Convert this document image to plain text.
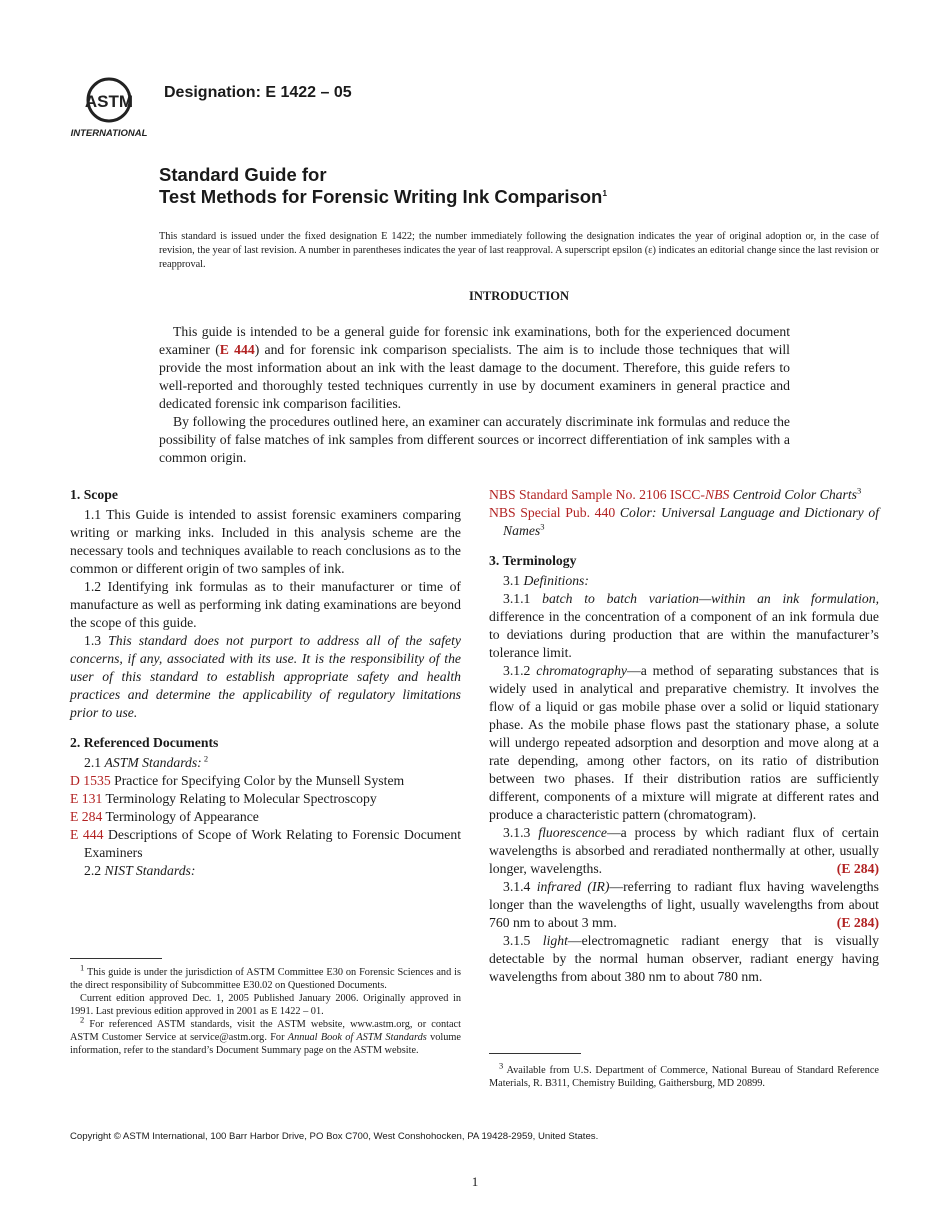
ASTM
INTERNATIONAL
Designation: E 1422 – 05
Standard Guide for
Test Methods for Forensic Writing Ink Comparison$^1$
This standard is issued under the fixed designation E 1422; the number immediately following the designation indicates the year of original adoption or, in the case of revision, the year of last revision. A number in parentheses indicates the year of last reapproval. A superscript epsilon (ε) indicates an editorial change since the last revision or reapproval.
INTRODUCTION

This guide is intended to be a general guide for forensic ink examinations, both for the experienced document examiner (E 444) and for forensic ink comparison specialists. The aim is to include those techniques that will provide the most information about an ink with the least damage to the document. Therefore, this guide refers to well-reported and thoroughly tested techniques currently in use by document examiners in general practice and dedicated forensic ink comparison facilities.

By following the procedures outlined here, an examiner can accurately discriminate ink formulas and reduce the possibility of false matches of ink samples from different sources or incorrect differentiation of ink samples with a common origin.

1. Scope

1.1 This Guide is intended to assist forensic examiners comparing writing or marking inks. Included in this analysis scheme are the necessary tools and techniques available to reach conclusions as to the common or different origin of two samples of ink.

1.2 Identifying ink formulas as to their manufacturer or time of manufacture as well as performing ink dating examinations are beyond the scope of this guide.

1.3 This standard does not purport to address all of the safety concerns, if any, associated with its use. It is the responsibility of the user of this standard to establish appropriate safety and health practices and determine the applicability of regulatory limitations prior to use.

2. Referenced Documents

2.1 ASTM Standards: $^2$

D 1535 Practice for Specifying Color by the Munsell System

E 131 Terminology Relating to Molecular Spectroscopy

E 284 Terminology of Appearance

E 444 Descriptions of Scope of Work Relating to Forensic Document Examiners

2.2 NIST Standards:

$^1$ This guide is under the jurisdiction of ASTM Committee E30 on Forensic Sciences and is the direct responsibility of Subcommittee E30.02 on Questioned Documents.

Current edition approved Dec. 1, 2005 Published January 2006. Originally approved in 1991. Last previous edition approved in 2001 as E 1422 – 01.

$^2$ For referenced ASTM standards, visit the ASTM website, www.astm.org, or contact ASTM Customer Service at service@astm.org. For Annual Book of ASTM Standards volume information, refer to the standard’s Document Summary page on the ASTM website.

NBS Standard Sample No. 2106 ISCC-NBS Centroid Color Charts$^3$

NBS Special Pub. 440 Color: Universal Language and Dictionary of Names$^3$

3. Terminology

3.1 Definitions:

3.1.1 batch to batch variation—within an ink formulation, difference in the concentration of a component of an ink formula due to deviations during production that are within the manufacturer’s tolerance limit.

3.1.2 chromatography—a method of separating substances that is widely used in analytical and preparative chemistry. It involves the flow of a liquid or gas mobile phase over a solid or liquid stationary phase. As the mobile phase flows past the stationary phase, a solute will undergo repeated adsorption and desorption and move along at a rate depending, among other factors, on its ratio of distribution between two phases. If their distribution ratios are sufficiently different, components of a mixture will migrate at different rates and produce a characteristic pattern (chromatogram).

3.1.3 fluorescence—a process by which radiant flux of certain wavelengths is absorbed and reradiated nonthermally at other, usually longer, wavelengths.	(E 284)

3.1.4 infrared (IR)—referring to radiant flux having wavelengths longer than the wavelengths of light, usually wavelengths from about 760 nm to about 3 mm.	(E 284)

3.1.5 light—electromagnetic radiant energy that is visually detectable by the normal human observer, radiant energy having wavelengths from about 380 nm to about 780 nm.

$^3$ Available from U.S. Department of Commerce, National Bureau of Standard Reference Materials, R. B311, Chemistry Building, Gaithersburg, MD 20899.

Copyright © ASTM International, 100 Barr Harbor Drive, PO Box C700, West Conshohocken, PA 19428-2959, United States.
1
